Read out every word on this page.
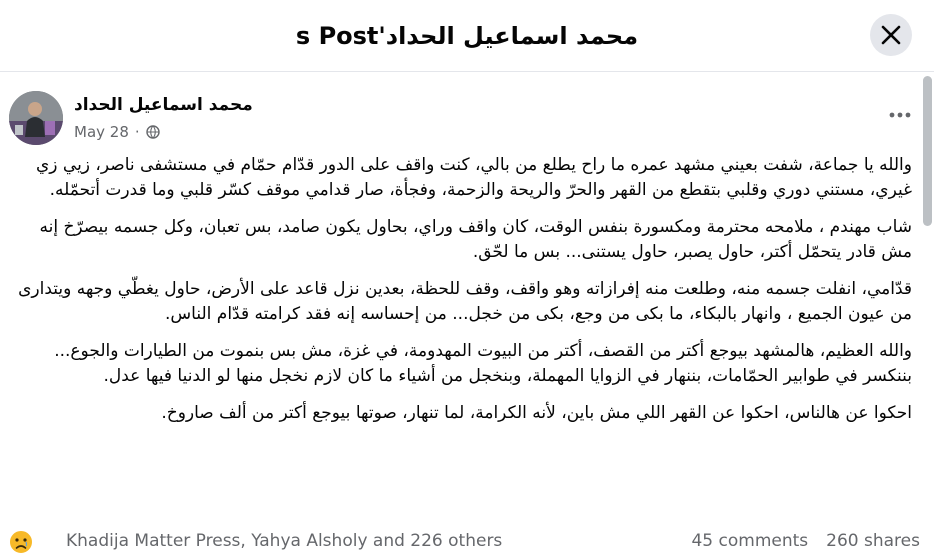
محمد اسماعيل الحداد's Post
محمد اسماعيل الحداد
May 28 ·

والله يا جماعة، شفت بعيني مشهد عمره ما راح يطلع من بالي، كنت واقف على الدور قدّام حمّام في مستشفى ناصر، زيي زي غيري، مستني دوري وقلبي بتقطع من القهر والحرّ والريحة والزحمة، وفجأة، صار قدامي موقف كسّر قلبي وما قدرت أتحمّله.

شاب مهندم ، ملامحه محترمة ومكسورة بنفس الوقت، كان واقف وراي، بحاول يكون صامد، بس تعبان، وكل جسمه بيصرّخ إنه مش قادر يتحمّل أكتر، حاول يصبر، حاول يستنى... بس ما لحّق.

قدّامي، انفلت جسمه منه، وطلعت منه إفرازاته وهو واقف، وقف للحظة، بعدين نزل قاعد على الأرض، حاول يغطّي وجهه ويتدارى من عيون الجميع ، وانهار بالبكاء، ما بكى من وجع، بكى من خجل... من إحساسه إنه فقد كرامته قدّام الناس.

والله العظيم، هالمشهد بيوجع أكتر من القصف، أكتر من البيوت المهدومة، في غزة، مش بس بنموت من الطيارات والجوع... بننكسر في طوابير الحمّامات، بننهار في الزوايا المهملة، وبنخجل من أشياء ما كان لازم نخجل منها لو الدنيا فيها عدل.

احكوا عن هالناس، احكوا عن القهر اللي مش باين، لأنه الكرامة، لما تنهار، صوتها بيوجع أكتر من ألف صاروخ.

Khadija Matter Press, Yahya Alsholy and 226 others	45 comments 260 shares
